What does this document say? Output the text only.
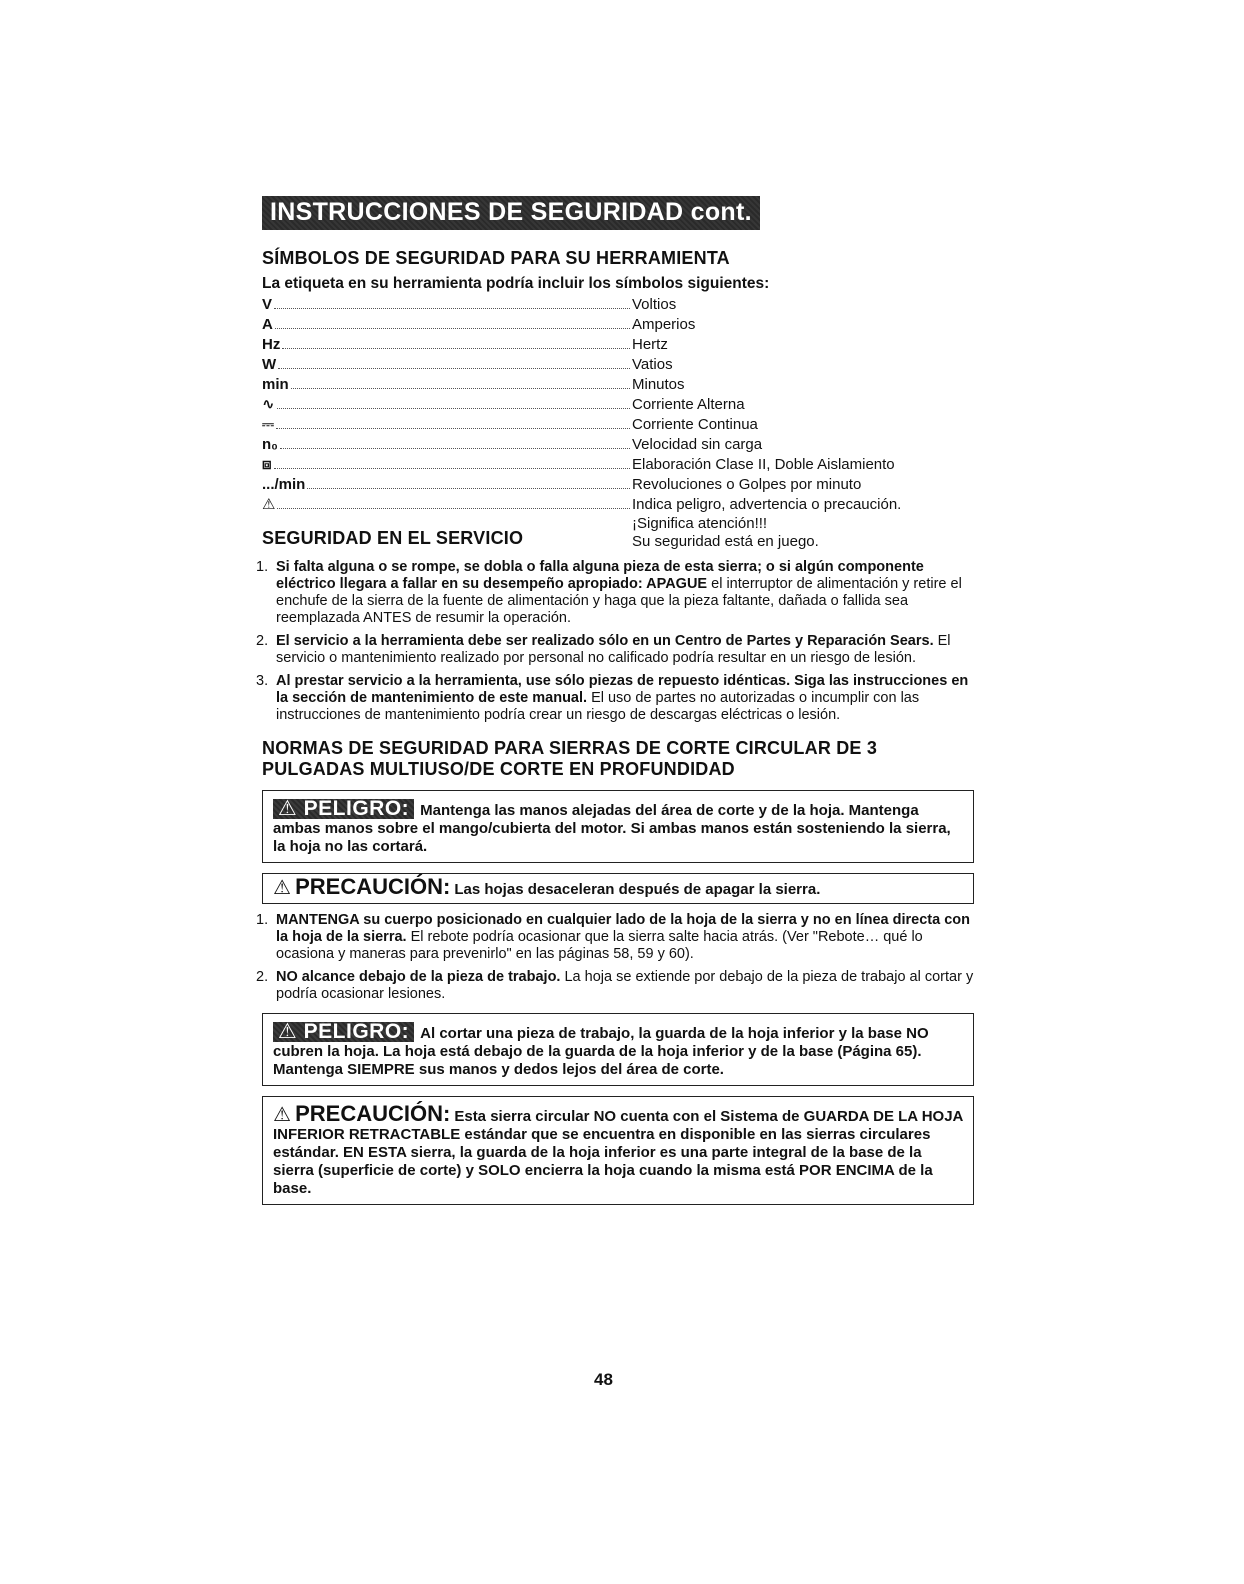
INSTRUCCIONES DE SEGURIDAD cont.
SÍMBOLOS DE SEGURIDAD PARA SU HERRAMIENTA

La etiqueta en su herramienta podría incluir los símbolos siguientes:

V	Voltios
A	Amperios
Hz	Hertz
W	Vatios
min	Minutos
∿	Corriente Alterna
⎓	Corriente Continua
n₀	Velocidad sin carga
⧈	Elaboración Clase II, Doble Aislamiento
.../min	Revoluciones o Golpes por minuto
⚠	Indica peligro, advertencia o precaución.
SEGURIDAD EN EL SERVICIO
¡Significa atención!!!
Su seguridad está en juego.
1. Si falta alguna o se rompe, se dobla o falla alguna pieza de esta sierra; o si algún componente eléctrico llegara a fallar en su desempeño apropiado: APAGUE el interruptor de alimentación y retire el enchufe de la sierra de la fuente de alimentación y haga que la pieza faltante, dañada o fallida sea reemplazada ANTES de resumir la operación.
2. El servicio a la herramienta debe ser realizado sólo en un Centro de Partes y Reparación Sears. El servicio o mantenimiento realizado por personal no calificado podría resultar en un riesgo de lesión.
3. Al prestar servicio a la herramienta, use sólo piezas de repuesto idénticas. Siga las instrucciones en la sección de mantenimiento de este manual. El uso de partes no autorizadas o incumplir con las instrucciones de mantenimiento podría crear un riesgo de descargas eléctricas o lesión.
NORMAS DE SEGURIDAD PARA SIERRAS DE CORTE CIRCULAR DE 3 PULGADAS MULTIUSO/DE CORTE EN PROFUNDIDAD
⚠ PELIGRO: Mantenga las manos alejadas del área de corte y de la hoja. Mantenga ambas manos sobre el mango/cubierta del motor. Si ambas manos están sosteniendo la sierra, la hoja no las cortará.
⚠ PRECAUCIÓN: Las hojas desaceleran después de apagar la sierra.
1. MANTENGA su cuerpo posicionado en cualquier lado de la hoja de la sierra y no en línea directa con la hoja de la sierra. El rebote podría ocasionar que la sierra salte hacia atrás. (Ver "Rebote… qué lo ocasiona y maneras para prevenirlo" en las páginas 58, 59 y 60).
2. NO alcance debajo de la pieza de trabajo. La hoja se extiende por debajo de la pieza de trabajo al cortar y podría ocasionar lesiones.
⚠ PELIGRO: Al cortar una pieza de trabajo, la guarda de la hoja inferior y la base NO cubren la hoja. La hoja está debajo de la guarda de la hoja inferior y de la base (Página 65). Mantenga SIEMPRE sus manos y dedos lejos del área de corte.
⚠ PRECAUCIÓN: Esta sierra circular NO cuenta con el Sistema de GUARDA DE LA HOJA INFERIOR RETRACTABLE estándar que se encuentra en disponible en las sierras circulares estándar. EN ESTA sierra, la guarda de la hoja inferior es una parte integral de la base de la sierra (superficie de corte) y SOLO encierra la hoja cuando la misma está POR ENCIMA de la base.
48
